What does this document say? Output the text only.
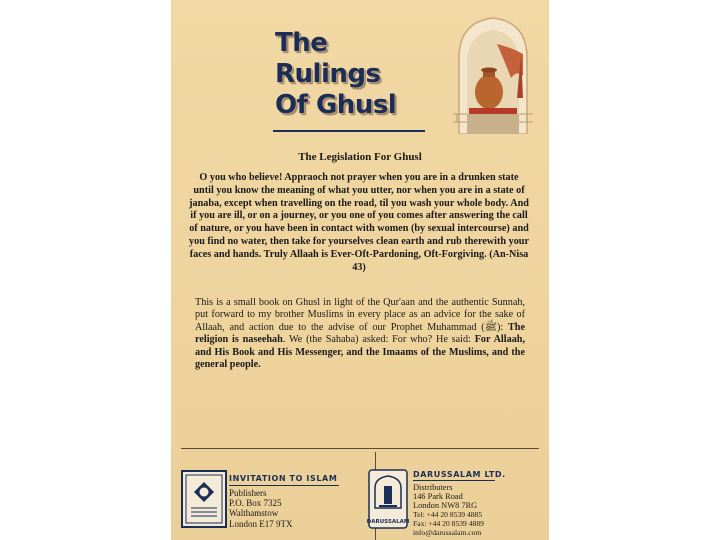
The
Rulings
Of Ghusl
The Legislation For Ghusl
O you who believe! Appraoch not prayer when you are in a drunken state until you know the meaning of what you utter, nor when you are in a state of janaba, except when travelling on the road, til you wash your whole body. And if you are ill, or on a journey, or you one of you comes after answering the call of nature, or you have been in contact with women (by sexual intercourse) and you find no water, then take for yourselves clean earth and rub therewith your faces and hands. Truly Allaah is Ever-Oft-Pardoning, Oft-Forgiving. (An-Nisa 43)
This is a small book on Ghusl in light of the Qur'aan and the authentic Sunnah, put forward to my brother Muslims in every place as an advice for the sake of Allaah, and action due to the advise of our Prophet Muhammad (ﷺ): The religion is naseehah. We (the Sahaba) asked: For who? He said: For Allaah, and His Book and His Messenger, and the Imaams of the Muslims, and the general people.
INVITATION TO ISLAM
Publishers
P.O. Box 7325
Walthamstow
London E17 9TX	DARUSSALAM
DARUSSALAM LTD.
Distributers
146 Park Road
London NW8 7RG
Tel: +44 20 8539 4885
Fax: +44 20 8539 4889
info@darussalam.com
